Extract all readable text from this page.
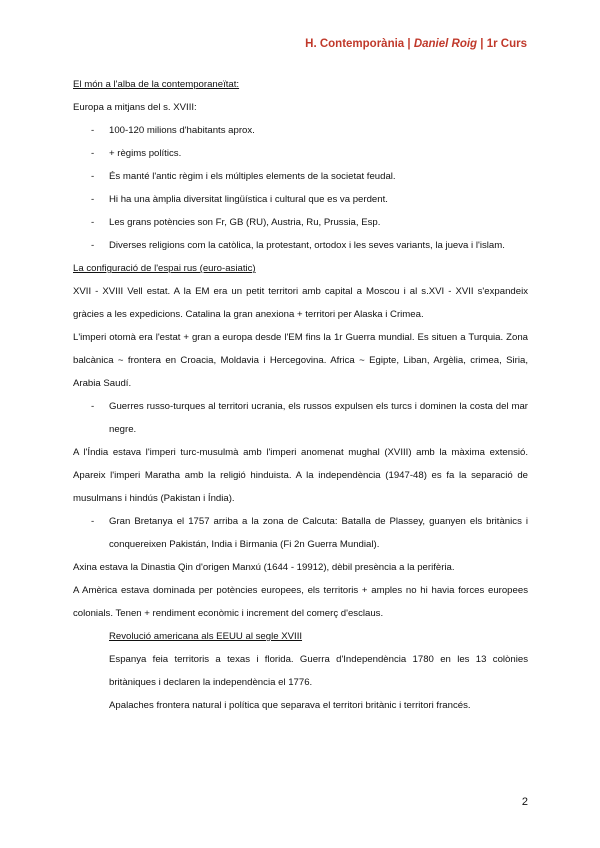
H. Contemporània | Daniel Roig | 1r Curs

El món a l'alba de la contemporaneïtat:

Europa a mitjans del s. XVIII:

- 100-120 milions d'habitants aprox.
- + règims polítics.
- És manté l'antic règim i els múltiples elements de la societat feudal.
- Hi ha una àmplia diversitat lingüística i cultural que es va perdent.
- Les grans potències son Fr, GB (RU), Austria, Ru, Prussia, Esp.
- Diverses religions com la catòlica, la protestant, ortodox i les seves variants, la jueva i l'islam.

La configuració de l'espai rus (euro-asiatic)

XVII - XVIII Vell estat. A la EM era un petit territori amb capital a Moscou i al s.XVI - XVII s'expandeix gràcies a les expedicions. Catalina la gran anexiona + territori per Alaska i Crimea.

L'imperi otomà era l'estat + gran a europa desde l'EM fins la 1r Guerra mundial. Es situen a Turquia. Zona balcànica ~ frontera en Croacia, Moldavia i Hercegovina. Africa ~ Egipte, Liban, Argèlia, crimea, Siria, Arabia Saudí.

- Guerres russo-turques al territori ucrania, els russos expulsen els turcs i dominen la costa del mar negre.

A l'Índia estava l'imperi turc-musulmà amb l'imperi anomenat mughal (XVIII) amb la màxima extensió. Apareix l'imperi Maratha amb la religió hinduista. A la independència (1947-48) es fa la separació de musulmans i hindús (Pakistan i Índia).

- Gran Bretanya el 1757 arriba a la zona de Calcuta: Batalla de Plassey, guanyen els britànics i conquereixen Pakistán, India i Birmania (Fi 2n Guerra Mundial).

Axina estava la Dinastia Qin d'origen Manxú (1644 - 19912), dèbil presència a la perifèria.

A Amèrica estava dominada per potències europees, els territoris + amples no hi havia forces europees colonials. Tenen + rendiment econòmic i increment del comerç d'esclaus.

Revolució americana als EEUU al segle XVIII

Espanya feia territoris a texas i florida. Guerra d'Independència 1780 en les 13 colònies britàniques i declaren la independència el 1776.

Apalaches frontera natural i política que separava el territori britànic i territori francés.

2
